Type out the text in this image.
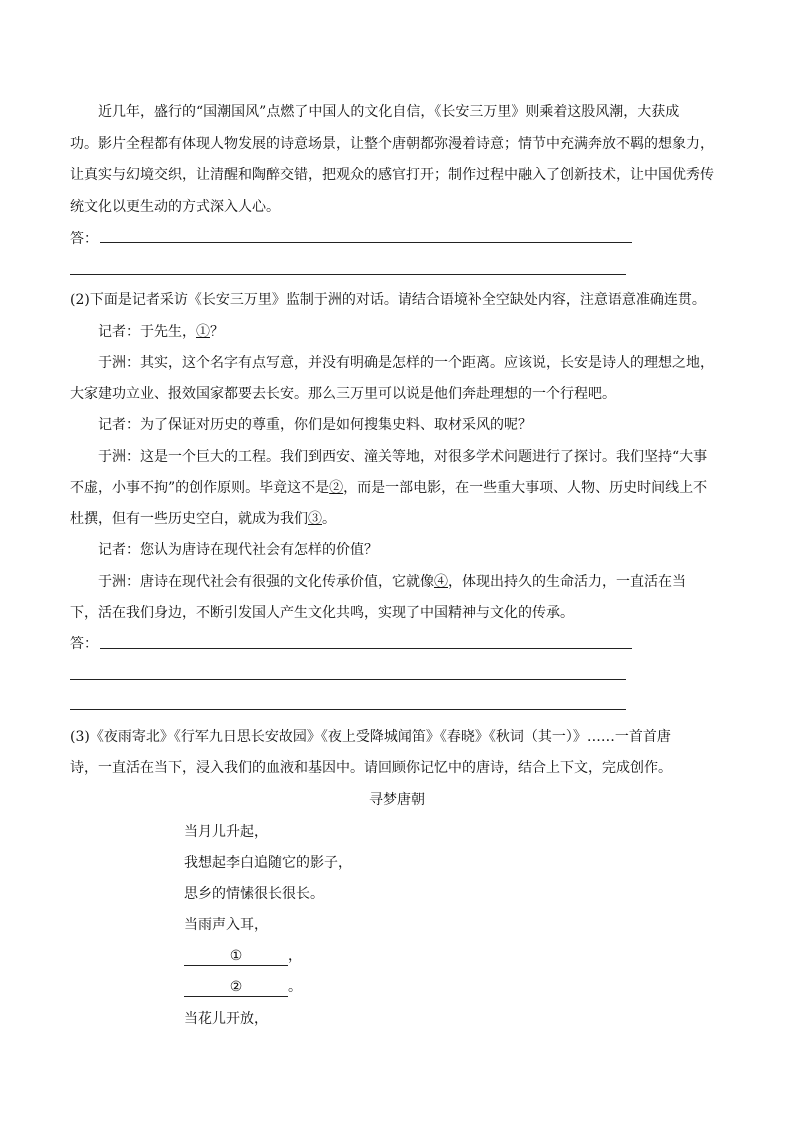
近几年，盛行的“国潮国风”点燃了中国人的文化自信，《长安三万里》则乘着这股风潮，大获成
功。影片全程都有体现人物发展的诗意场景，让整个唐朝都弥漫着诗意；情节中充满奔放不羁的想象力，
让真实与幻境交织，让清醒和陶醉交错，把观众的感官打开；制作过程中融入了创新技术，让中国优秀传
统文化以更生动的方式深入人心。
答：
(2)下面是记者采访《长安三万里》监制于洲的对话。请结合语境补全空缺处内容，注意语意准确连贯。
记者：于先生，①？
于洲：其实，这个名字有点写意，并没有明确是怎样的一个距离。应该说，长安是诗人的理想之地，
大家建功立业、报效国家都要去长安。那么三万里可以说是他们奔赴理想的一个行程吧。
记者：为了保证对历史的尊重，你们是如何搜集史料、取材采风的呢？
于洲：这是一个巨大的工程。我们到西安、潼关等地，对很多学术问题进行了探讨。我们坚持“大事
不虚，小事不拘”的创作原则。毕竟这不是②，而是一部电影，在一些重大事项、人物、历史时间线上不
杜撰，但有一些历史空白，就成为我们③。
记者：您认为唐诗在现代社会有怎样的价值？
于洲：唐诗在现代社会有很强的文化传承价值，它就像④，体现出持久的生命活力，一直活在当
下，活在我们身边，不断引发国人产生文化共鸣，实现了中国精神与文化的传承。
答：
(3)《夜雨寄北》《行军九日思长安故园》《夜上受降城闻笛》《春晓》《秋词（其一）》……一首首唐
诗，一直活在当下，浸入我们的血液和基因中。请回顾你记忆中的唐诗，结合上下文，完成创作。
寻梦唐朝
当月儿升起，
我想起李白追随它的影子，
思乡的情愫很长很长。
当雨声入耳，
①	，
②	。
当花儿开放，
